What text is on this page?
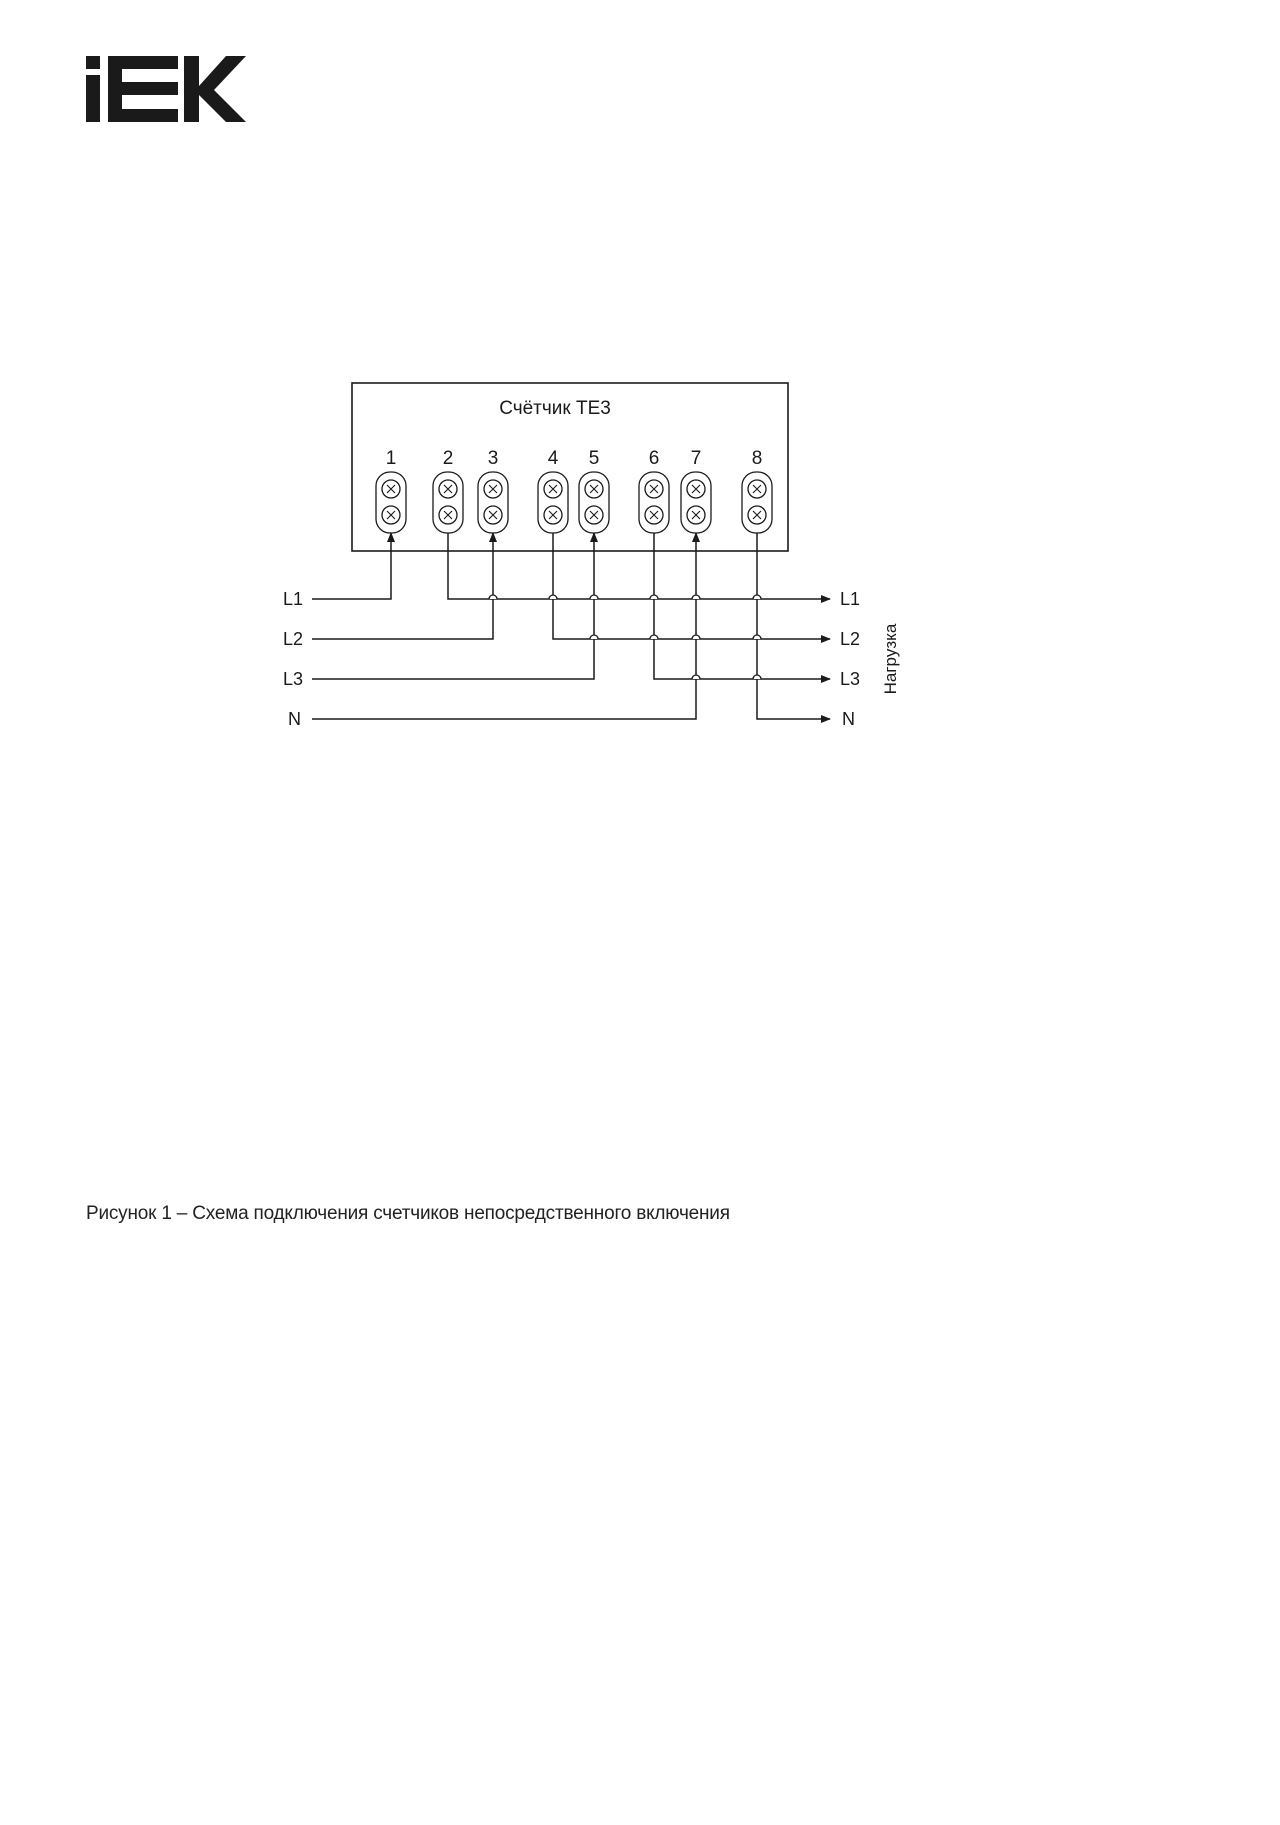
Счётчик ТЕ3
1 2 3	4 5	6 7	8
L1
L2
L3
N
L1
L2
L3
N
Нагрузка
Рисунок 1 – Схема подключения счетчиков непосредственного включения
